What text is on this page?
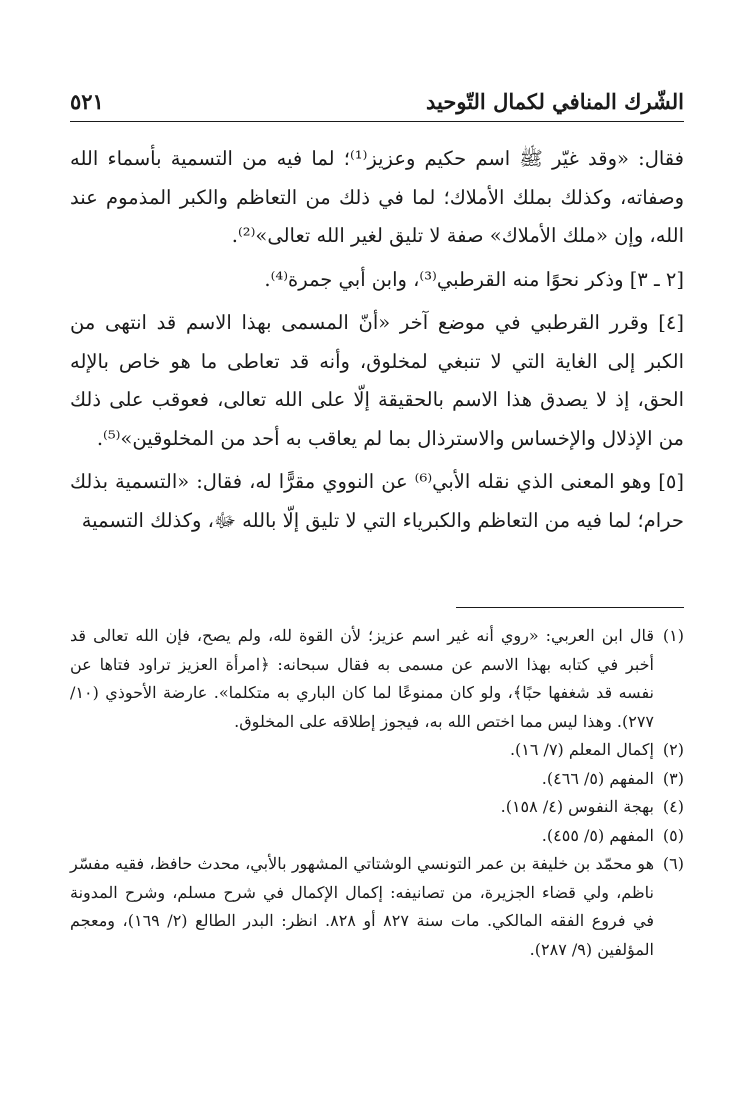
الشّرك المنافي لكمال التّوحيد
٥٢١

فقال: «وقد غيّر ﷺ اسم حكيم وعزيز⁽¹⁾؛ لما فيه من التسمية بأسماء الله وصفاته، وكذلك بملك الأملاك؛ لما في ذلك من التعاظم والكبر المذموم عند الله، وإن «ملك الأملاك» صفة لا تليق لغير الله تعالى»⁽²⁾.

[٢ ـ ٣] وذكر نحوًا منه القرطبي⁽³⁾، وابن أبي جمرة⁽⁴⁾.

[٤] وقرر القرطبي في موضع آخر «أنّ المسمى بهذا الاسم قد انتهى من الكبر إلى الغاية التي لا تنبغي لمخلوق، وأنه قد تعاطى ما هو خاص بالإله الحق، إذ لا يصدق هذا الاسم بالحقيقة إلّا على الله تعالى، فعوقب على ذلك من الإذلال والإخساس والاسترذال بما لم يعاقب به أحد من المخلوقين»⁽⁵⁾.

[٥] وهو المعنى الذي نقله الأبي⁽⁶⁾ عن النووي مقرًّا له، فقال: «التسمية بذلك حرام؛ لما فيه من التعاظم والكبرياء التي لا تليق إلّا بالله ﷻ، وكذلك التسمية

(١)
قال ابن العربي: «روي أنه غير اسم عزيز؛ لأن القوة لله، ولم يصح، فإن الله تعالى قد أخبر في كتابه بهذا الاسم عن مسمى به فقال سبحانه: ﴿امرأة العزيز تراود فتاها عن نفسه قد شغفها حبًا﴾، ولو كان ممنوعًا لما كان الباري به متكلما». عارضة الأحوذي (١٠/ ٢٧٧). وهذا ليس مما اختص الله به، فيجوز إطلاقه على المخلوق.
(٢)
إكمال المعلم (٧/ ١٦).
(٣)
المفهم (٥/ ٤٦٦).
(٤)
بهجة النفوس (٤/ ١٥٨).
(٥)
المفهم (٥/ ٤٥٥).
(٦)
هو محمّد بن خليفة بن عمر التونسي الوشتاتي المشهور بالأبي، محدث حافظ، فقيه مفسّر ناظم، ولي قضاء الجزيرة، من تصانيفه: إكمال الإكمال في شرح مسلم، وشرح المدونة في فروع الفقه المالكي. مات سنة ٨٢٧ أو ٨٢٨. انظر: البدر الطالع (٢/ ١٦٩)، ومعجم المؤلفين (٩/ ٢٨٧).
